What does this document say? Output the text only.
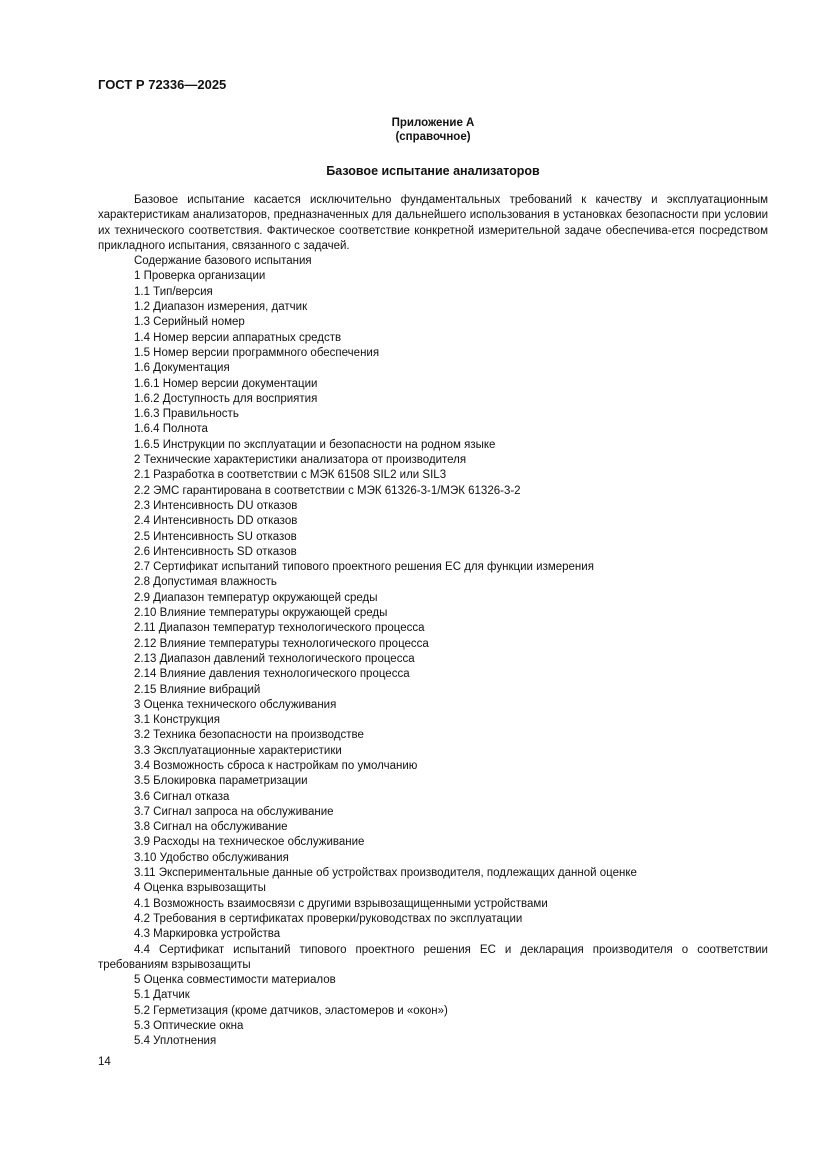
ГОСТ Р 72336—2025
Приложение А
(справочное)
Базовое испытание анализаторов

Базовое испытание касается исключительно фундаментальных требований к качеству и эксплуатационным характеристикам анализаторов, предназначенных для дальнейшего использования в установках безопасности при условии их технического соответствия. Фактическое соответствие конкретной измерительной задаче обеспечива-ется посредством прикладного испытания, связанного с задачей.

Содержание базового испытания
1 Проверка организации
1.1 Тип/версия
1.2 Диапазон измерения, датчик
1.3 Серийный номер
1.4 Номер версии аппаратных средств
1.5 Номер версии программного обеспечения
1.6 Документация
1.6.1 Номер версии документации
1.6.2 Доступность для восприятия
1.6.3 Правильность
1.6.4 Полнота
1.6.5 Инструкции по эксплуатации и безопасности на родном языке
2 Технические характеристики анализатора от производителя
2.1 Разработка в соответствии с МЭК 61508 SIL2 или SIL3
2.2 ЭМС гарантирована в соответствии с МЭК 61326-3-1/МЭК 61326-3-2
2.3 Интенсивность DU отказов
2.4 Интенсивность DD отказов
2.5 Интенсивность SU отказов
2.6 Интенсивность SD отказов
2.7 Сертификат испытаний типового проектного решения ЕС для функции измерения
2.8 Допустимая влажность
2.9 Диапазон температур окружающей среды
2.10 Влияние температуры окружающей среды
2.11 Диапазон температур технологического процесса
2.12 Влияние температуры технологического процесса
2.13 Диапазон давлений технологического процесса
2.14 Влияние давления технологического процесса
2.15 Влияние вибраций
3 Оценка технического обслуживания
3.1 Конструкция
3.2 Техника безопасности на производстве
3.3 Эксплуатационные характеристики
3.4 Возможность сброса к настройкам по умолчанию
3.5 Блокировка параметризации
3.6 Сигнал отказа
3.7 Сигнал запроса на обслуживание
3.8 Сигнал на обслуживание
3.9 Расходы на техническое обслуживание
3.10 Удобство обслуживания
3.11 Экспериментальные данные об устройствах производителя, подлежащих данной оценке
4 Оценка взрывозащиты
4.1 Возможность взаимосвязи с другими взрывозащищенными устройствами
4.2 Требования в сертификатах проверки/руководствах по эксплуатации
4.3 Маркировка устройства
4.4 Сертификат испытаний типового проектного решения ЕС и декларация производителя о соответствии требованиям взрывозащиты
5 Оценка совместимости материалов
5.1 Датчик
5.2 Герметизация (кроме датчиков, эластомеров и «окон»)
5.3 Оптические окна
5.4 Уплотнения
14
